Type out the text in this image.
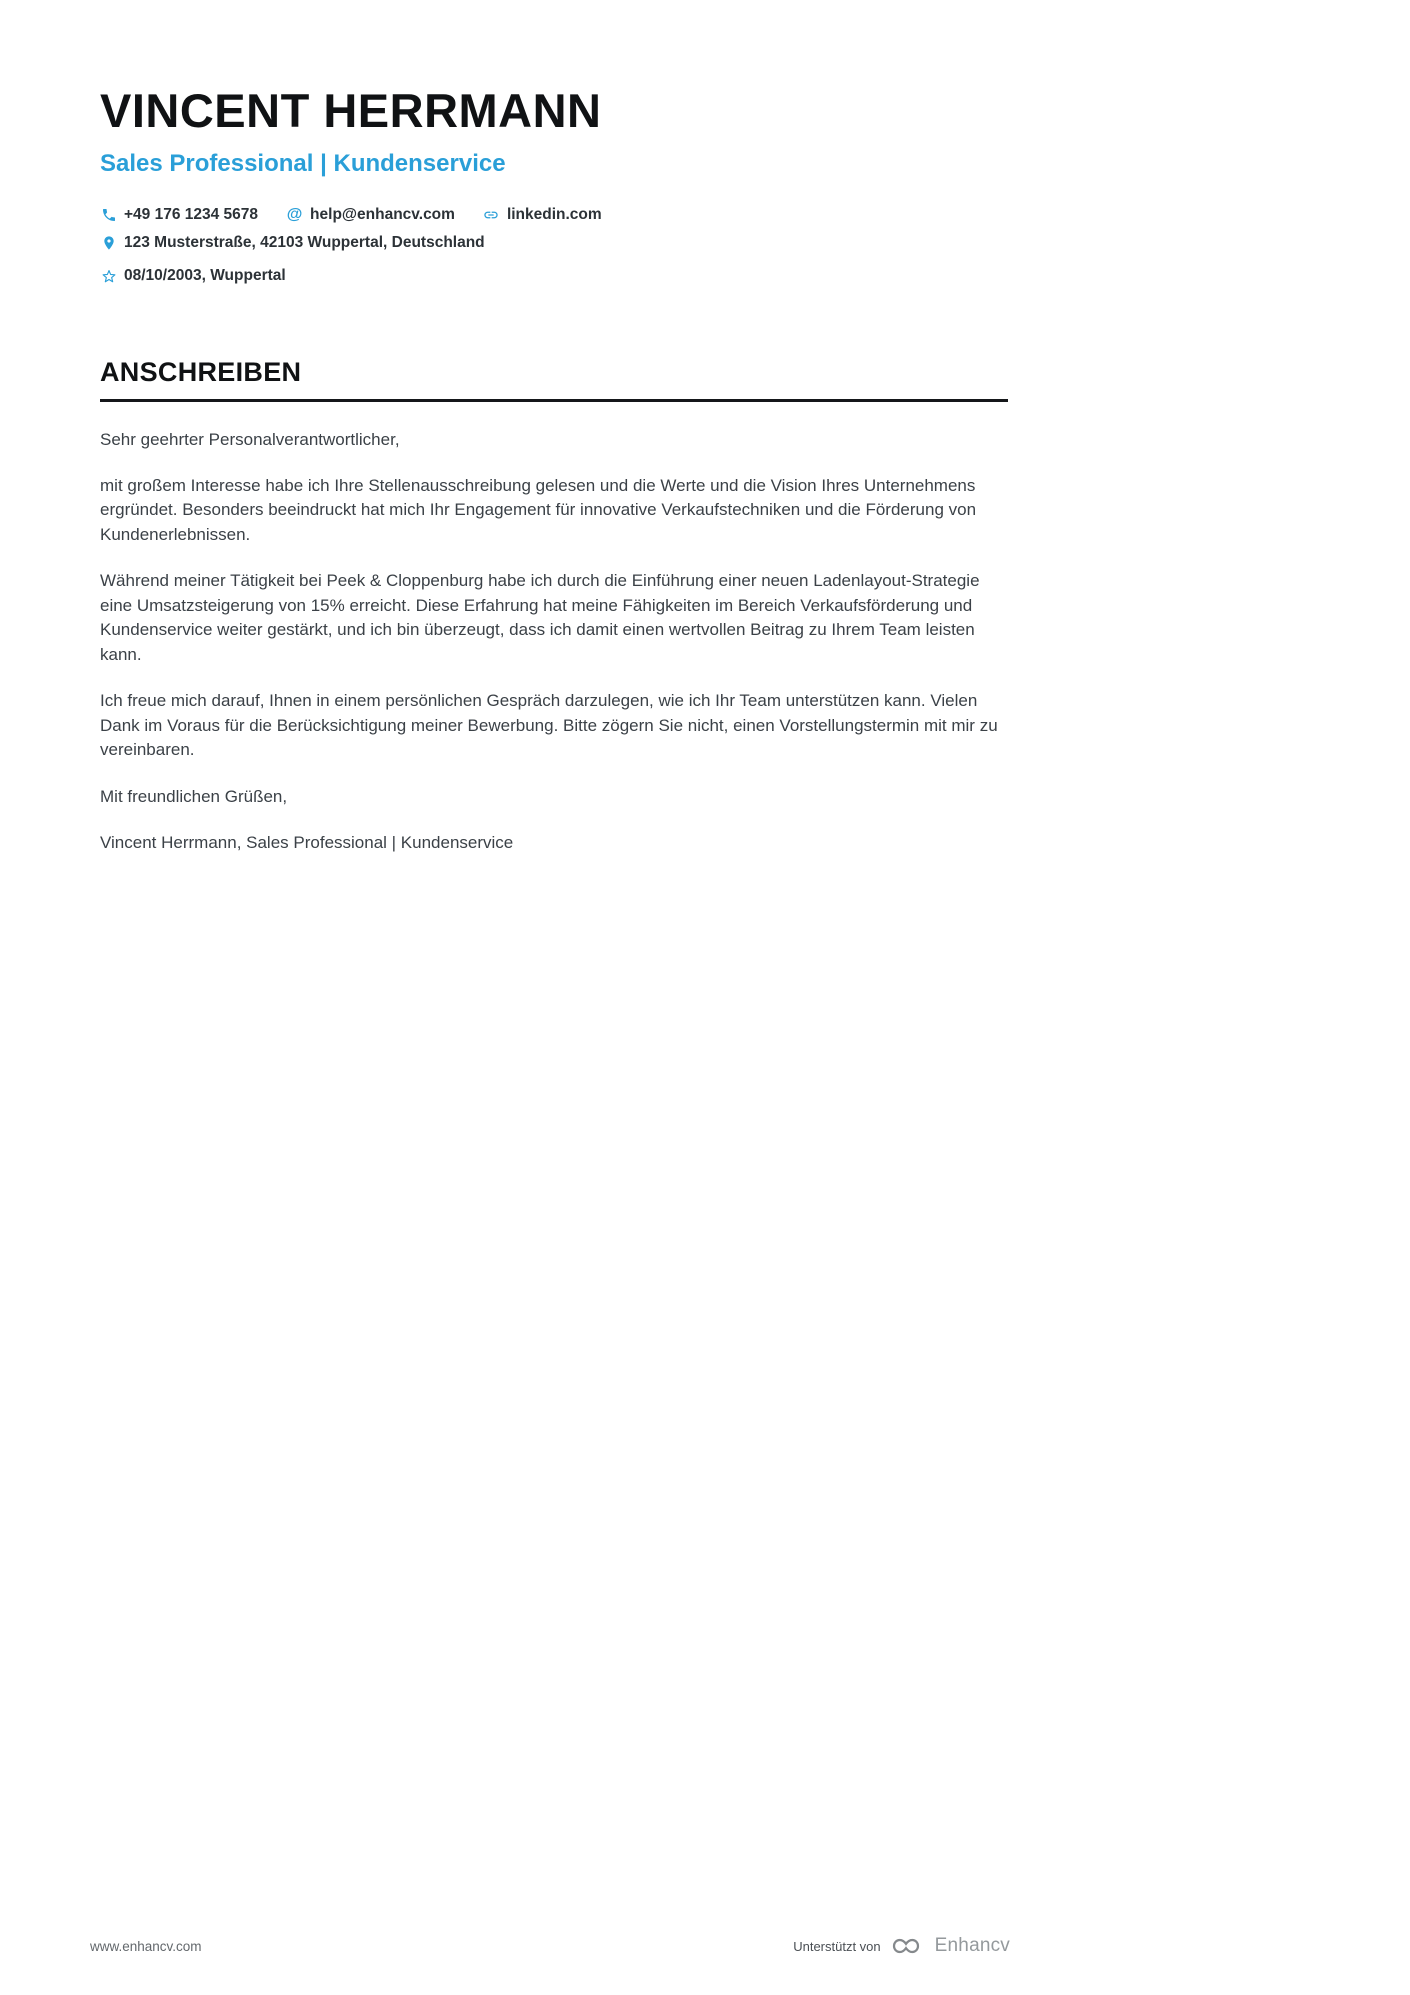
VINCENT HERRMANN
Sales Professional | Kundenservice
+49 176 1234 5678 @ help@enhancv.com	linkedin.com
123 Musterstraße, 42103 Wuppertal, Deutschland
08/10/2003, Wuppertal
ANSCHREIBEN

Sehr geehrter Personalverantwortlicher,

mit großem Interesse habe ich Ihre Stellenausschreibung gelesen und die Werte und die Vision Ihres Unternehmens ergründet. Besonders beeindruckt hat mich Ihr Engagement für innovative Verkaufstechniken und die Förderung von Kundenerlebnissen.

Während meiner Tätigkeit bei Peek & Cloppenburg habe ich durch die Einführung einer neuen Ladenlayout-Strategie eine Umsatzsteigerung von 15% erreicht. Diese Erfahrung hat meine Fähigkeiten im Bereich Verkaufsförderung und Kundenservice weiter gestärkt, und ich bin überzeugt, dass ich damit einen wertvollen Beitrag zu Ihrem Team leisten kann.

Ich freue mich darauf, Ihnen in einem persönlichen Gespräch darzulegen, wie ich Ihr Team unterstützen kann. Vielen Dank im Voraus für die Berücksichtigung meiner Bewerbung. Bitte zögern Sie nicht, einen Vorstellungstermin mit mir zu vereinbaren.

Mit freundlichen Grüßen,

Vincent Herrmann, Sales Professional | Kundenservice

www.enhancv.com	Unterstützt von	Enhancv
